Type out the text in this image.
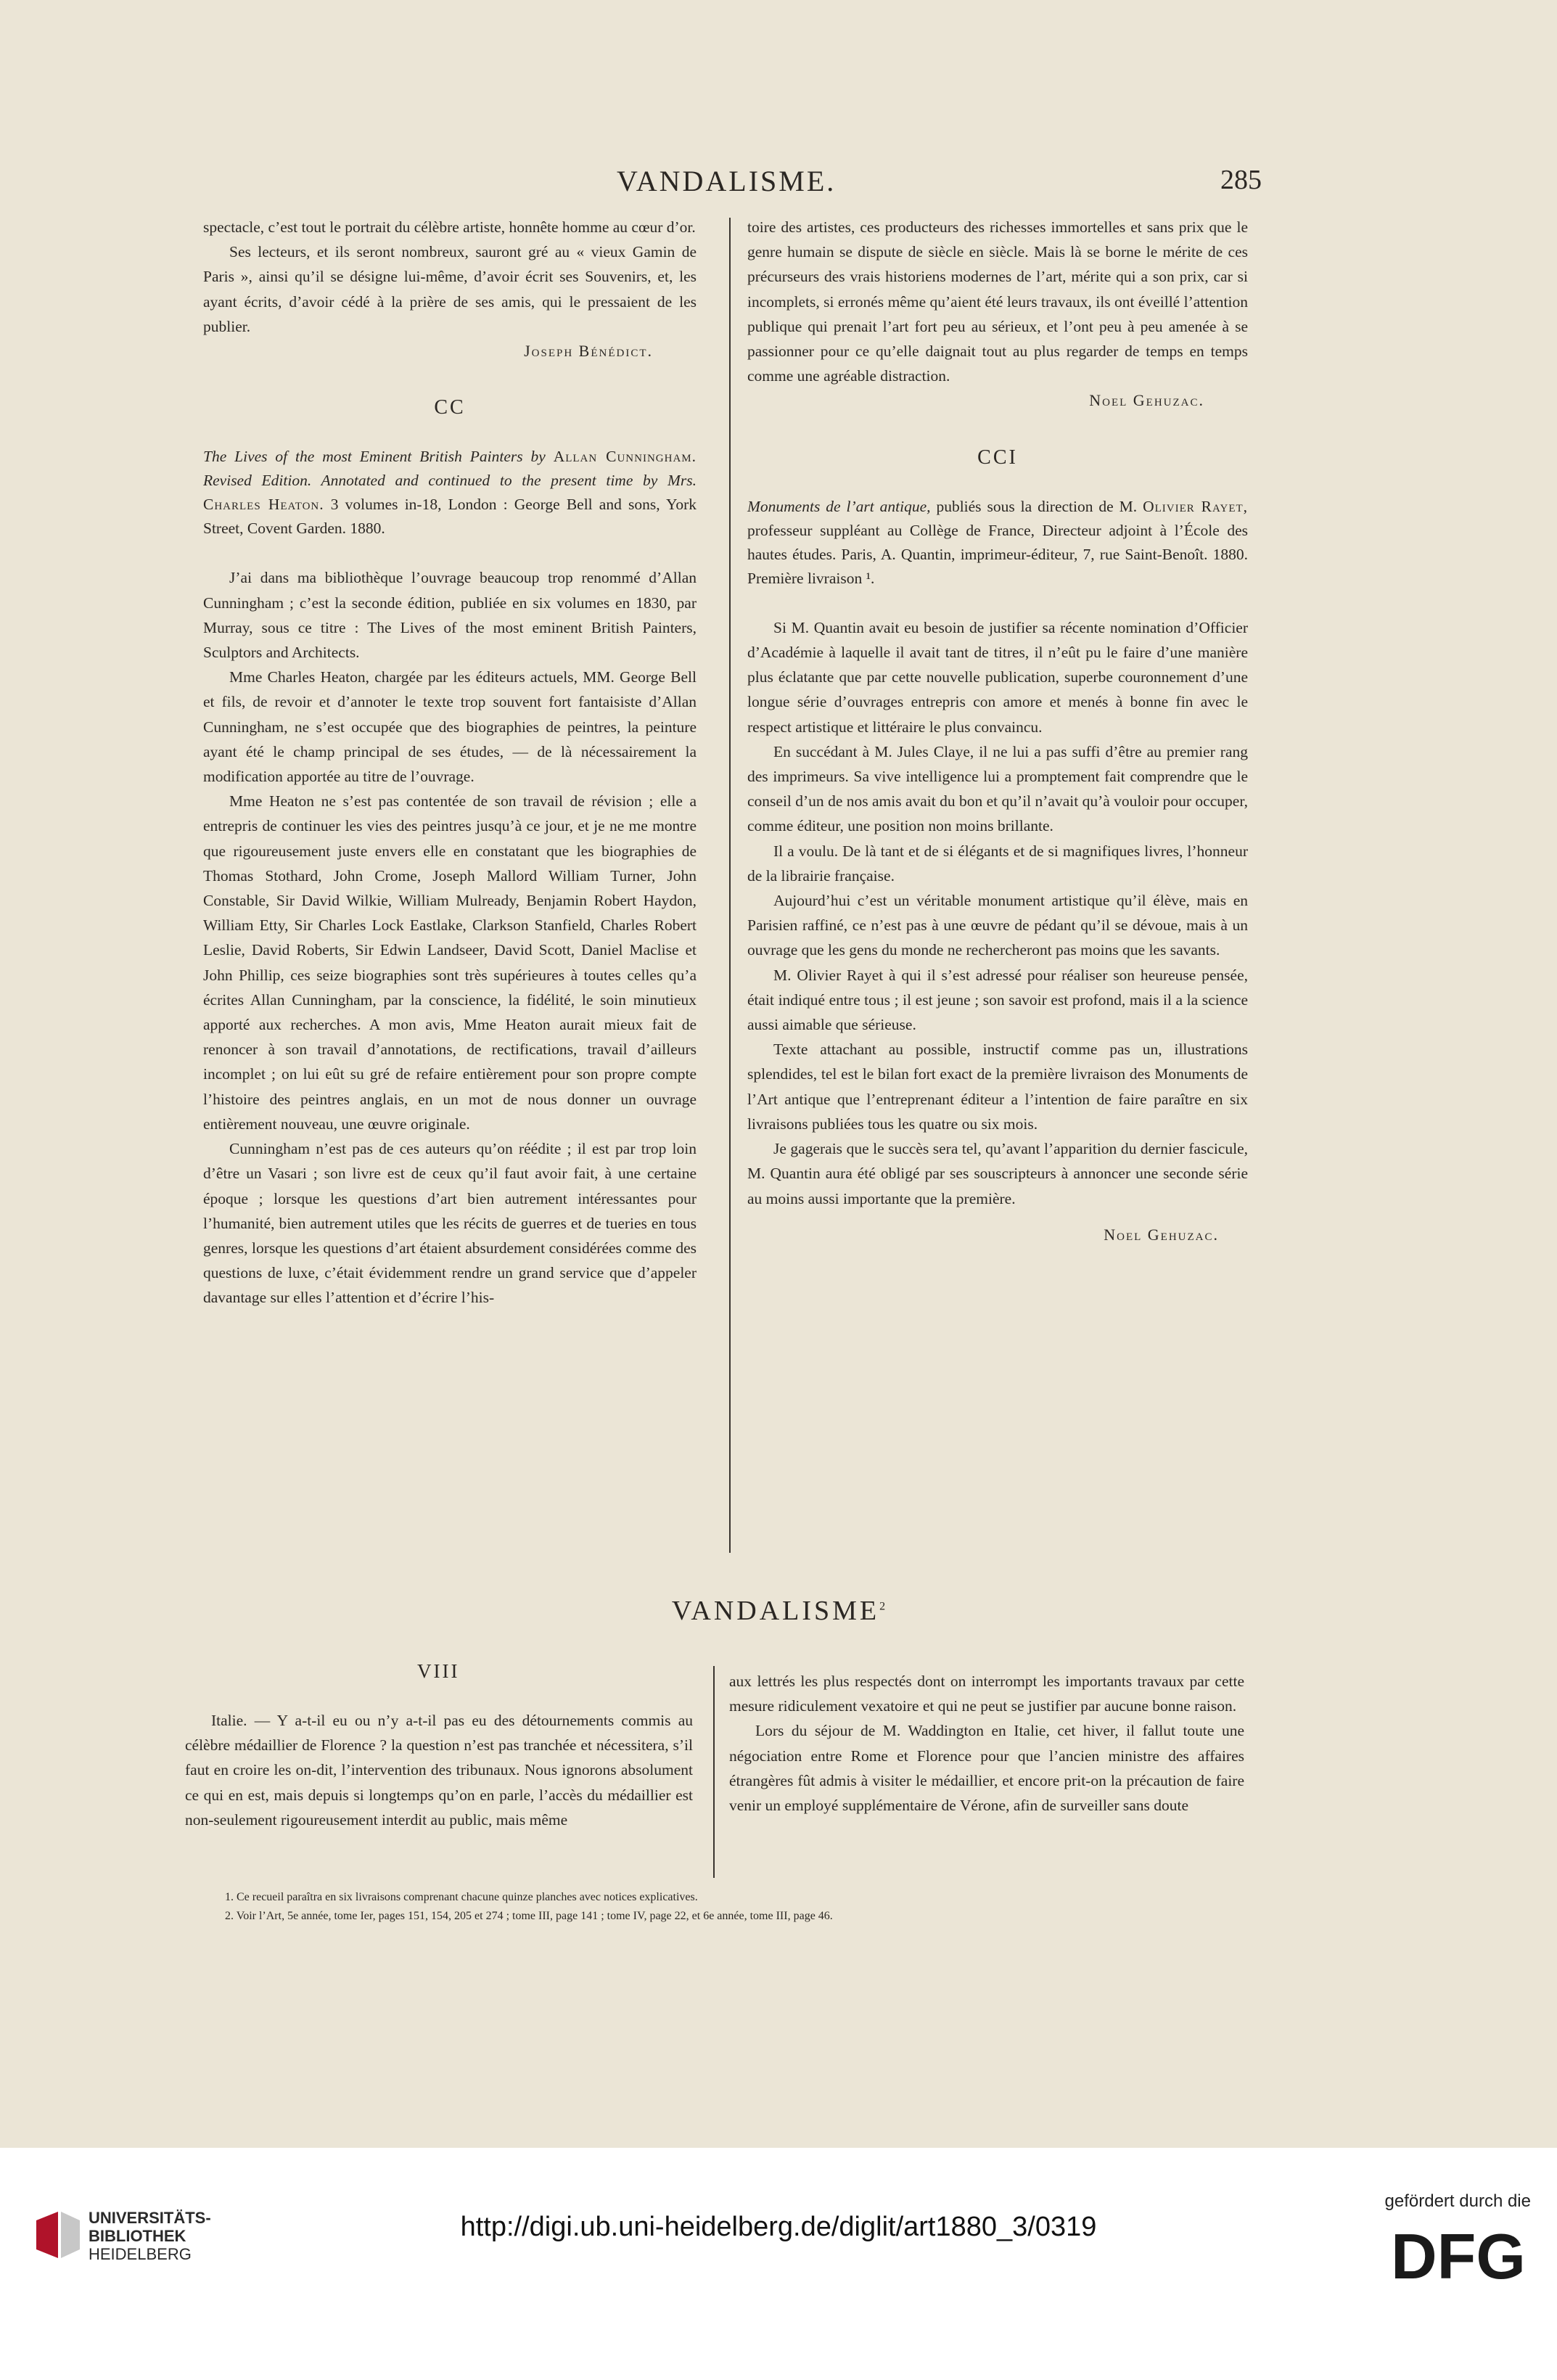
VANDALISME.	285

spectacle, c’est tout le portrait du célèbre artiste, honnête homme au cœur d’or.

Ses lecteurs, et ils seront nombreux, sauront gré au « vieux Gamin de Paris », ainsi qu’il se désigne lui-même, d’avoir écrit ses Souvenirs, et, les ayant écrits, d’avoir cédé à la prière de ses amis, qui le pressaient de les publier.

Joseph Bénédict.
CC
The Lives of the most Eminent British Painters by Allan Cunningham. Revised Edition. Annotated and continued to the present time by Mrs. Charles Heaton. 3 volumes in-18, London : George Bell and sons, York Street, Covent Garden. 1880.

J’ai dans ma bibliothèque l’ouvrage beaucoup trop renommé d’Allan Cunningham ; c’est la seconde édition, publiée en six volumes en 1830, par Murray, sous ce titre : The Lives of the most eminent British Painters, Sculptors and Architects.

Mme Charles Heaton, chargée par les éditeurs actuels, MM. George Bell et fils, de revoir et d’annoter le texte trop souvent fort fantaisiste d’Allan Cunningham, ne s’est occupée que des biographies de peintres, la peinture ayant été le champ principal de ses études, — de là nécessairement la modification apportée au titre de l’ouvrage.

Mme Heaton ne s’est pas contentée de son travail de révision ; elle a entrepris de continuer les vies des peintres jusqu’à ce jour, et je ne me montre que rigoureusement juste envers elle en constatant que les biographies de Thomas Stothard, John Crome, Joseph Mallord William Turner, John Constable, Sir David Wilkie, William Mulready, Benjamin Robert Haydon, William Etty, Sir Charles Lock Eastlake, Clarkson Stanfield, Charles Robert Leslie, David Roberts, Sir Edwin Landseer, David Scott, Daniel Maclise et John Phillip, ces seize biographies sont très supérieures à toutes celles qu’a écrites Allan Cunningham, par la conscience, la fidélité, le soin minutieux apporté aux recherches. A mon avis, Mme Heaton aurait mieux fait de renoncer à son travail d’annotations, de rectifications, travail d’ailleurs incomplet ; on lui eût su gré de refaire entièrement pour son propre compte l’histoire des peintres anglais, en un mot de nous donner un ouvrage entièrement nouveau, une œuvre originale.

Cunningham n’est pas de ces auteurs qu’on réédite ; il est par trop loin d’être un Vasari ; son livre est de ceux qu’il faut avoir fait, à une certaine époque ; lorsque les questions d’art bien autrement intéressantes pour l’humanité, bien autrement utiles que les récits de guerres et de tueries en tous genres, lorsque les questions d’art étaient absurdement considérées comme des questions de luxe, c’était évidemment rendre un grand service que d’appeler davantage sur elles l’attention et d’écrire l’his-

toire des artistes, ces producteurs des richesses immortelles et sans prix que le genre humain se dispute de siècle en siècle. Mais là se borne le mérite de ces précurseurs des vrais historiens modernes de l’art, mérite qui a son prix, car si incomplets, si erronés même qu’aient été leurs travaux, ils ont éveillé l’attention publique qui prenait l’art fort peu au sérieux, et l’ont peu à peu amenée à se passionner pour ce qu’elle daignait tout au plus regarder de temps en temps comme une agréable distraction.

Noel Gehuzac.
CCI
Monuments de l’art antique, publiés sous la direction de M. Olivier Rayet, professeur suppléant au Collège de France, Directeur adjoint à l’École des hautes études. Paris, A. Quantin, imprimeur-éditeur, 7, rue Saint-Benoît. 1880. Première livraison ¹.

Si M. Quantin avait eu besoin de justifier sa récente nomination d’Officier d’Académie à laquelle il avait tant de titres, il n’eût pu le faire d’une manière plus éclatante que par cette nouvelle publication, superbe couronnement d’une longue série d’ouvrages entrepris con amore et menés à bonne fin avec le respect artistique et littéraire le plus convaincu.

En succédant à M. Jules Claye, il ne lui a pas suffi d’être au premier rang des imprimeurs. Sa vive intelligence lui a promptement fait comprendre que le conseil d’un de nos amis avait du bon et qu’il n’avait qu’à vouloir pour occuper, comme éditeur, une position non moins brillante.

Il a voulu. De là tant et de si élégants et de si magnifiques livres, l’honneur de la librairie française.

Aujourd’hui c’est un véritable monument artistique qu’il élève, mais en Parisien raffiné, ce n’est pas à une œuvre de pédant qu’il se dévoue, mais à un ouvrage que les gens du monde ne rechercheront pas moins que les savants.

M. Olivier Rayet à qui il s’est adressé pour réaliser son heureuse pensée, était indiqué entre tous ; il est jeune ; son savoir est profond, mais il a la science aussi aimable que sérieuse.

Texte attachant au possible, instructif comme pas un, illustrations splendides, tel est le bilan fort exact de la première livraison des Monuments de l’Art antique que l’entreprenant éditeur a l’intention de faire paraître en six livraisons publiées tous les quatre ou six mois.

Je gagerais que le succès sera tel, qu’avant l’apparition du dernier fascicule, M. Quantin aura été obligé par ses souscripteurs à annoncer une seconde série au moins aussi importante que la première.

Noel Gehuzac.
VANDALISME$^2$
VIII

Italie. — Y a-t-il eu ou n’y a-t-il pas eu des détournements commis au célèbre médaillier de Florence ? la question n’est pas tranchée et nécessitera, s’il faut en croire les on-dit, l’intervention des tribunaux. Nous ignorons absolument ce qui en est, mais depuis si longtemps qu’on en parle, l’accès du médaillier est non-seulement rigoureusement interdit au public, mais même

aux lettrés les plus respectés dont on interrompt les importants travaux par cette mesure ridiculement vexatoire et qui ne peut se justifier par aucune bonne raison.

Lors du séjour de M. Waddington en Italie, cet hiver, il fallut toute une négociation entre Rome et Florence pour que l’ancien ministre des affaires étrangères fût admis à visiter le médaillier, et encore prit-on la précaution de faire venir un employé supplémentaire de Vérone, afin de surveiller sans doute

1. Ce recueil paraîtra en six livraisons comprenant chacune quinze planches avec notices explicatives.
2. Voir l’Art, 5e année, tome Ier, pages 151, 154, 205 et 274 ; tome III, page 141 ; tome IV, page 22, et 6e année, tome III, page 46.
UNIVERSITÄTS-
BIBLIOTHEK
HEIDELBERG
http://digi.ub.uni-heidelberg.de/diglit/art1880_3/0319
gefördert durch die
DFG
